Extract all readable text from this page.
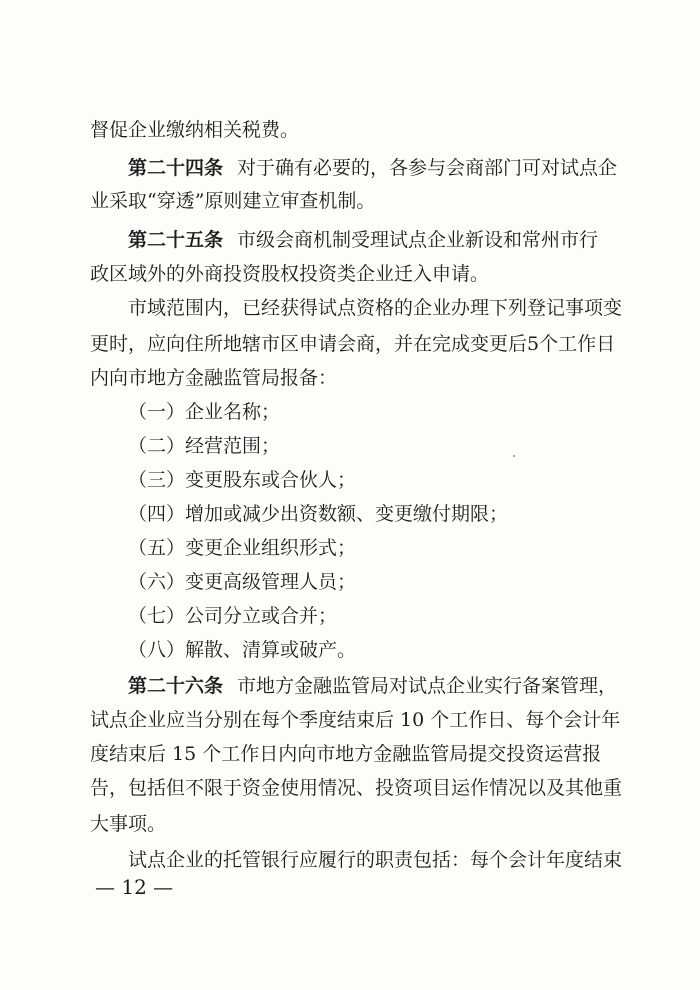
督促企业缴纳相关税费。
第二十四条 对于确有必要的，各参与会商部门可对试点企
业采取“穿透”原则建立审查机制。
第二十五条 市级会商机制受理试点企业新设和常州市行
政区域外的外商投资股权投资类企业迁入申请。
市域范围内，已经获得试点资格的企业办理下列登记事项变
更时，应向住所地辖市区申请会商，并在完成变更后5个工作日
内向市地方金融监管局报备：
（一）企业名称；
（二）经营范围；
（三）变更股东或合伙人；
（四）增加或减少出资数额、变更缴付期限；
（五）变更企业组织形式；
（六）变更高级管理人员；
（七）公司分立或合并；
（八）解散、清算或破产。
第二十六条 市地方金融监管局对试点企业实行备案管理，
试点企业应当分别在每个季度结束后 10 个工作日、每个会计年
度结束后 15 个工作日内向市地方金融监管局提交投资运营报
告，包括但不限于资金使用情况、投资项目运作情况以及其他重
大事项。
试点企业的托管银行应履行的职责包括：每个会计年度结束
— 12 —
